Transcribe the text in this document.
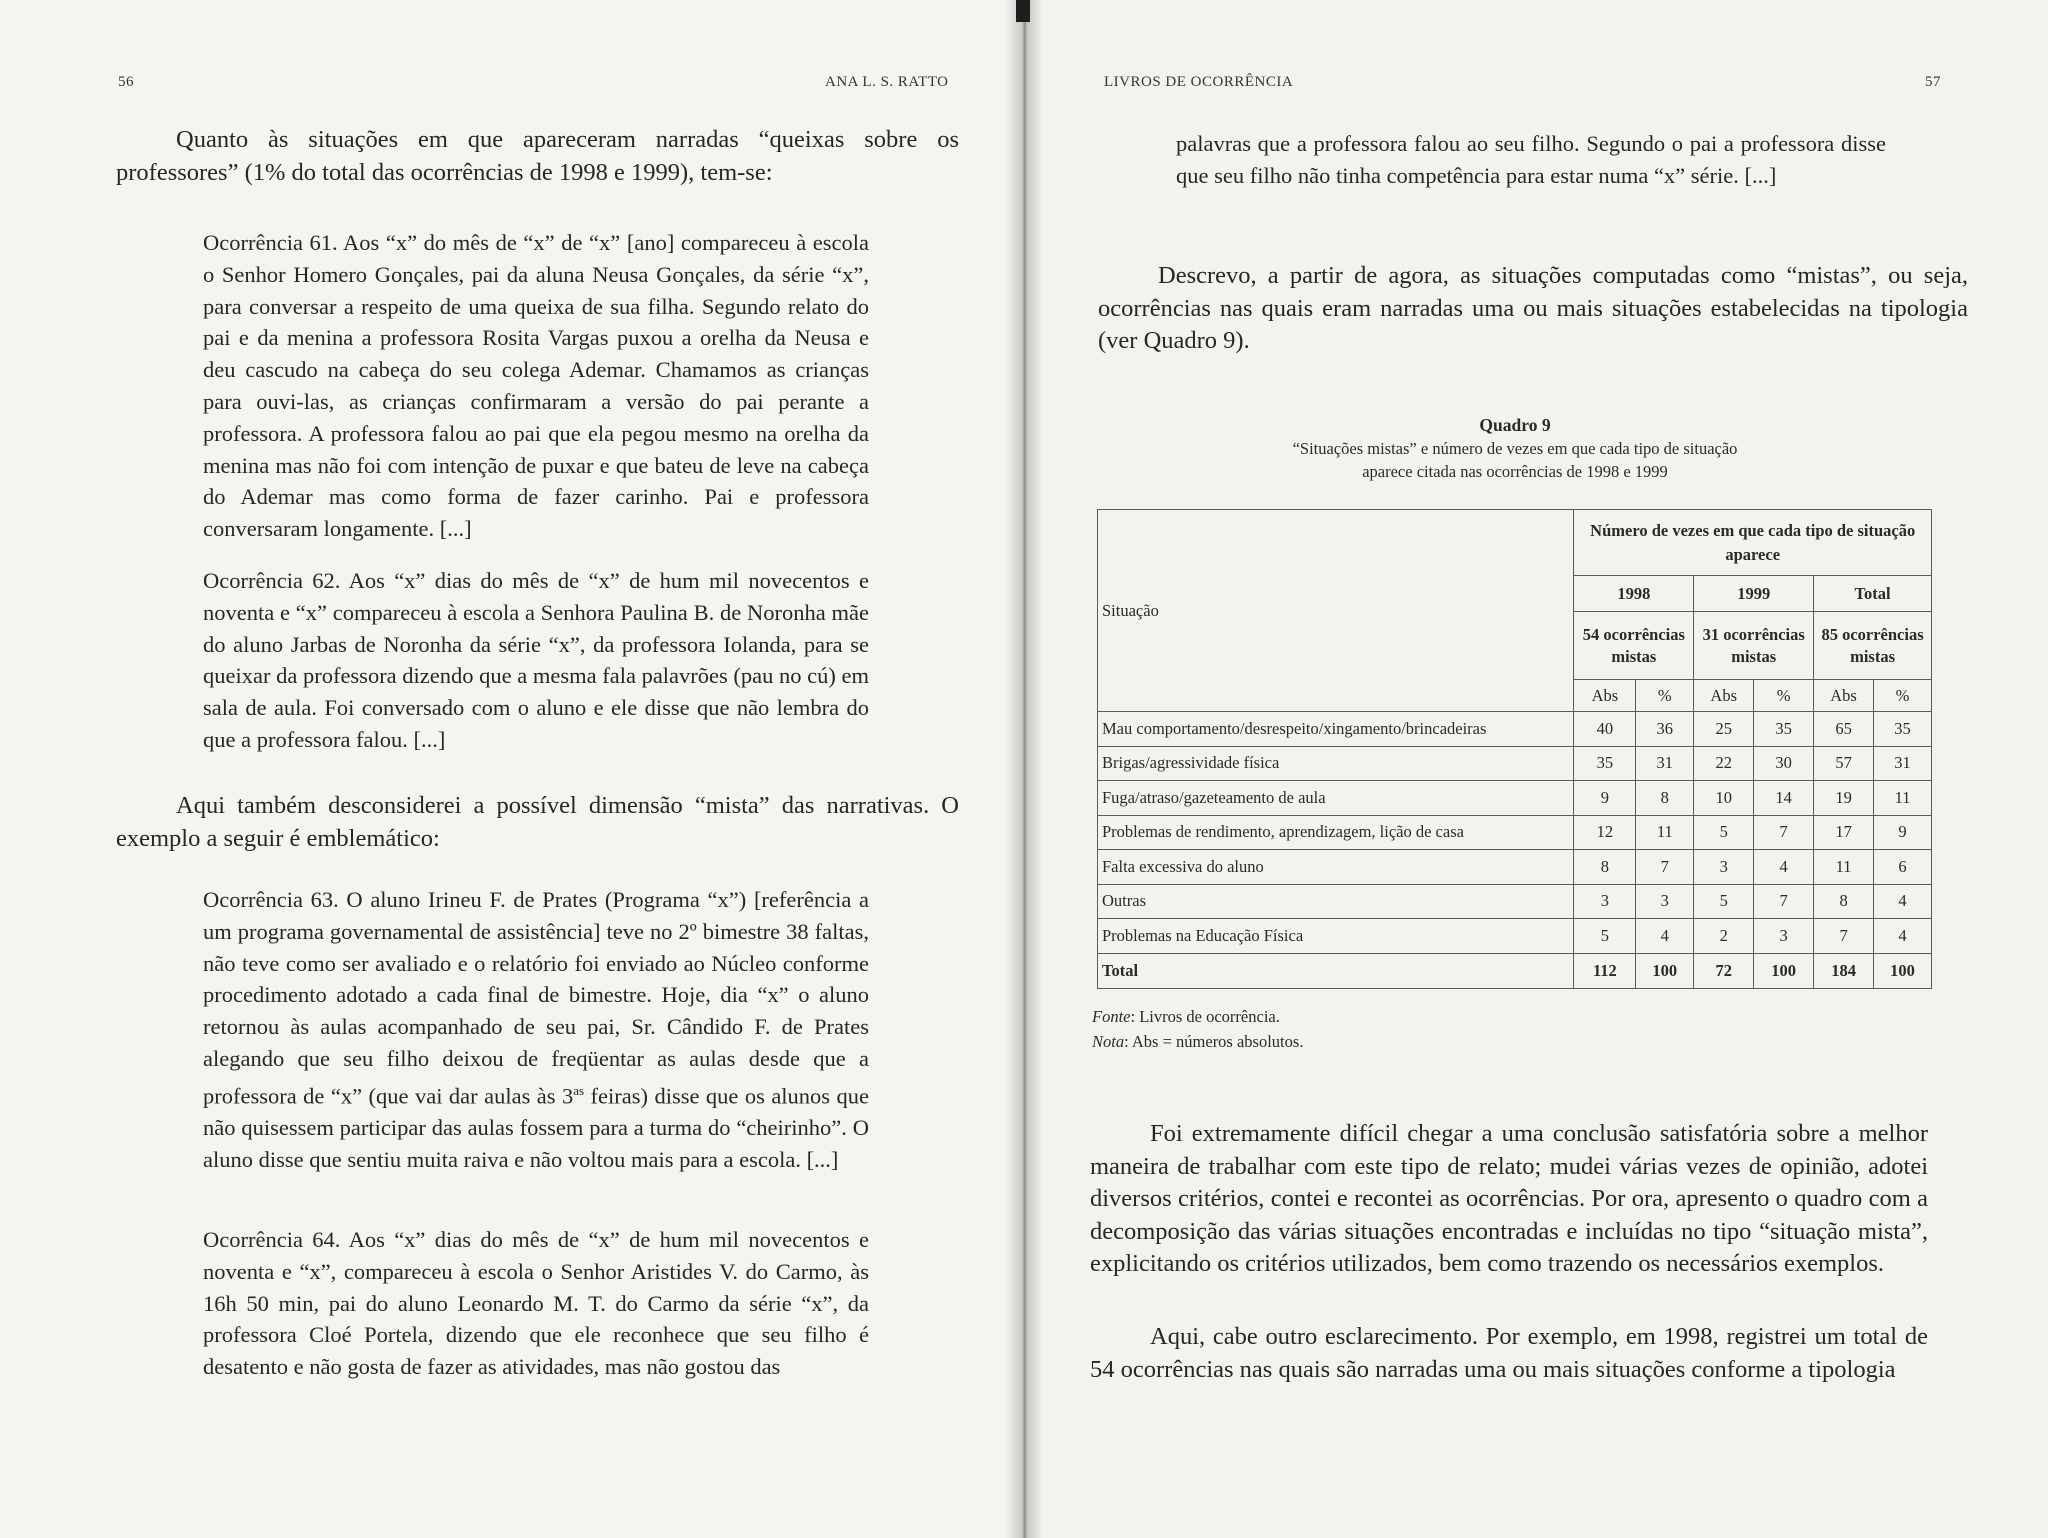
56	ANA L. S. RATTO

Quanto às situações em que apareceram narradas “queixas sobre os professores” (1% do total das ocorrências de 1998 e 1999), tem-se:

Ocorrência 61. Aos “x” do mês de “x” de “x” [ano] compareceu à escola o Senhor Homero Gonçales, pai da aluna Neusa Gonçales, da série “x”, para conversar a respeito de uma queixa de sua filha. Segundo relato do pai e da menina a professora Rosita Vargas puxou a orelha da Neusa e deu cascudo na cabeça do seu colega Ademar. Chamamos as crianças para ouvi-las, as crianças confirmaram a versão do pai perante a professora. A professora falou ao pai que ela pegou mesmo na orelha da menina mas não foi com intenção de puxar e que bateu de leve na cabeça do Ademar mas como forma de fazer carinho. Pai e professora conversaram longamente. [...]

Ocorrência 62. Aos “x” dias do mês de “x” de hum mil novecentos e noventa e “x” compareceu à escola a Senhora Paulina B. de Noronha mãe do aluno Jarbas de Noronha da série “x”, da professora Iolanda, para se queixar da professora dizendo que a mesma fala palavrões (pau no cú) em sala de aula. Foi conversado com o aluno e ele disse que não lembra do que a professora falou. [...]

Aqui também desconsiderei a possível dimensão “mista” das narrativas. O exemplo a seguir é emblemático:

Ocorrência 63. O aluno Irineu F. de Prates (Programa “x”) [referência a um programa governamental de assistência] teve no 2º bimestre 38 faltas, não teve como ser avaliado e o relatório foi enviado ao Núcleo conforme procedimento adotado a cada final de bimestre. Hoje, dia “x” o aluno retornou às aulas acompanhado de seu pai, Sr. Cândido F. de Prates alegando que seu filho deixou de freqüentar as aulas desde que a professora de “x” (que vai dar aulas às $3^{as}$ feiras) disse que os alunos que não quisessem participar das aulas fossem para a turma do “cheirinho”. O aluno disse que sentiu muita raiva e não voltou mais para a escola. [...]

Ocorrência 64. Aos “x” dias do mês de “x” de hum mil novecentos e noventa e “x”, compareceu à escola o Senhor Aristides V. do Carmo, às 16h 50 min, pai do aluno Leonardo M. T. do Carmo da série “x”, da professora Cloé Portela, dizendo que ele reconhece que seu filho é desatento e não gosta de fazer as atividades, mas não gostou das

LIVROS DE OCORRÊNCIA	57

palavras que a professora falou ao seu filho. Segundo o pai a professora disse que seu filho não tinha competência para estar numa “x” série. [...]

Descrevo, a partir de agora, as situações computadas como “mistas”, ou seja, ocorrências nas quais eram narradas uma ou mais situações estabelecidas na tipologia (ver Quadro 9).

Quadro 9
“Situações mistas” e número de vezes em que cada tipo de situação
aparece citada nas ocorrências de 1998 e 1999
Situação	Número de vezes em que cada tipo de situação aparece					
	1998		1999		Total	
	54 ocorrências mistas		31 ocorrências mistas		85 ocorrências mistas	
	Abs	%	Abs	%	Abs	%
Mau comportamento/desrespeito/xingamento/brincadeiras	40	36	25	35	65	35
Brigas/agressividade física	35	31	22	30	57	31
Fuga/atraso/gazeteamento de aula	9	8	10	14	19	11
Problemas de rendimento, aprendizagem, lição de casa	12	11	5	7	17	9
Falta excessiva do aluno	8	7	3	4	11	6
Outras	3	3	5	7	8	4
Problemas na Educação Física	5	4	2	3	7	4
Total	112	100	72	100	184	100
Fonte: Livros de ocorrência.
Nota: Abs = números absolutos.

Foi extremamente difícil chegar a uma conclusão satisfatória sobre a melhor maneira de trabalhar com este tipo de relato; mudei várias vezes de opinião, adotei diversos critérios, contei e recontei as ocorrências. Por ora, apresento o quadro com a decomposição das várias situações encontradas e incluídas no tipo “situação mista”, explicitando os critérios utilizados, bem como trazendo os necessários exemplos.

Aqui, cabe outro esclarecimento. Por exemplo, em 1998, registrei um total de 54 ocorrências nas quais são narradas uma ou mais situações conforme a tipologia
